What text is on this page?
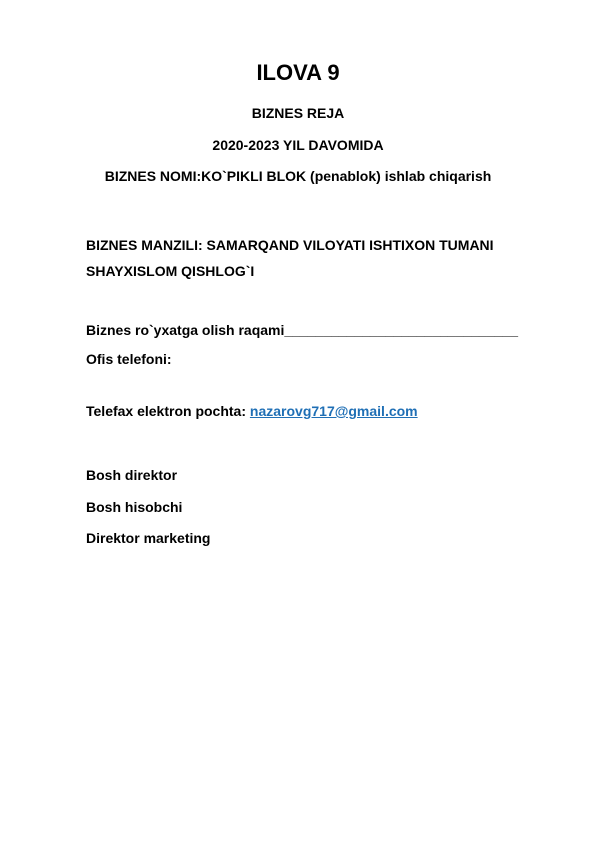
ILOVA 9
BIZNES REJA
2020-2023 YIL DAVOMIDA
BIZNES NOMI:KO`PIKLI BLOK (penablok) ishlab chiqarish
BIZNES MANZILI: SAMARQAND VILOYATI ISHTIXON TUMANI SHAYXISLOM QISHLOG`I
Biznes ro`yxatga olish raqami______________________________
Ofis telefoni:
Telefax elektron pochta: nazarovg717@gmail.com
Bosh direktor
Bosh hisobchi
Direktor marketing
